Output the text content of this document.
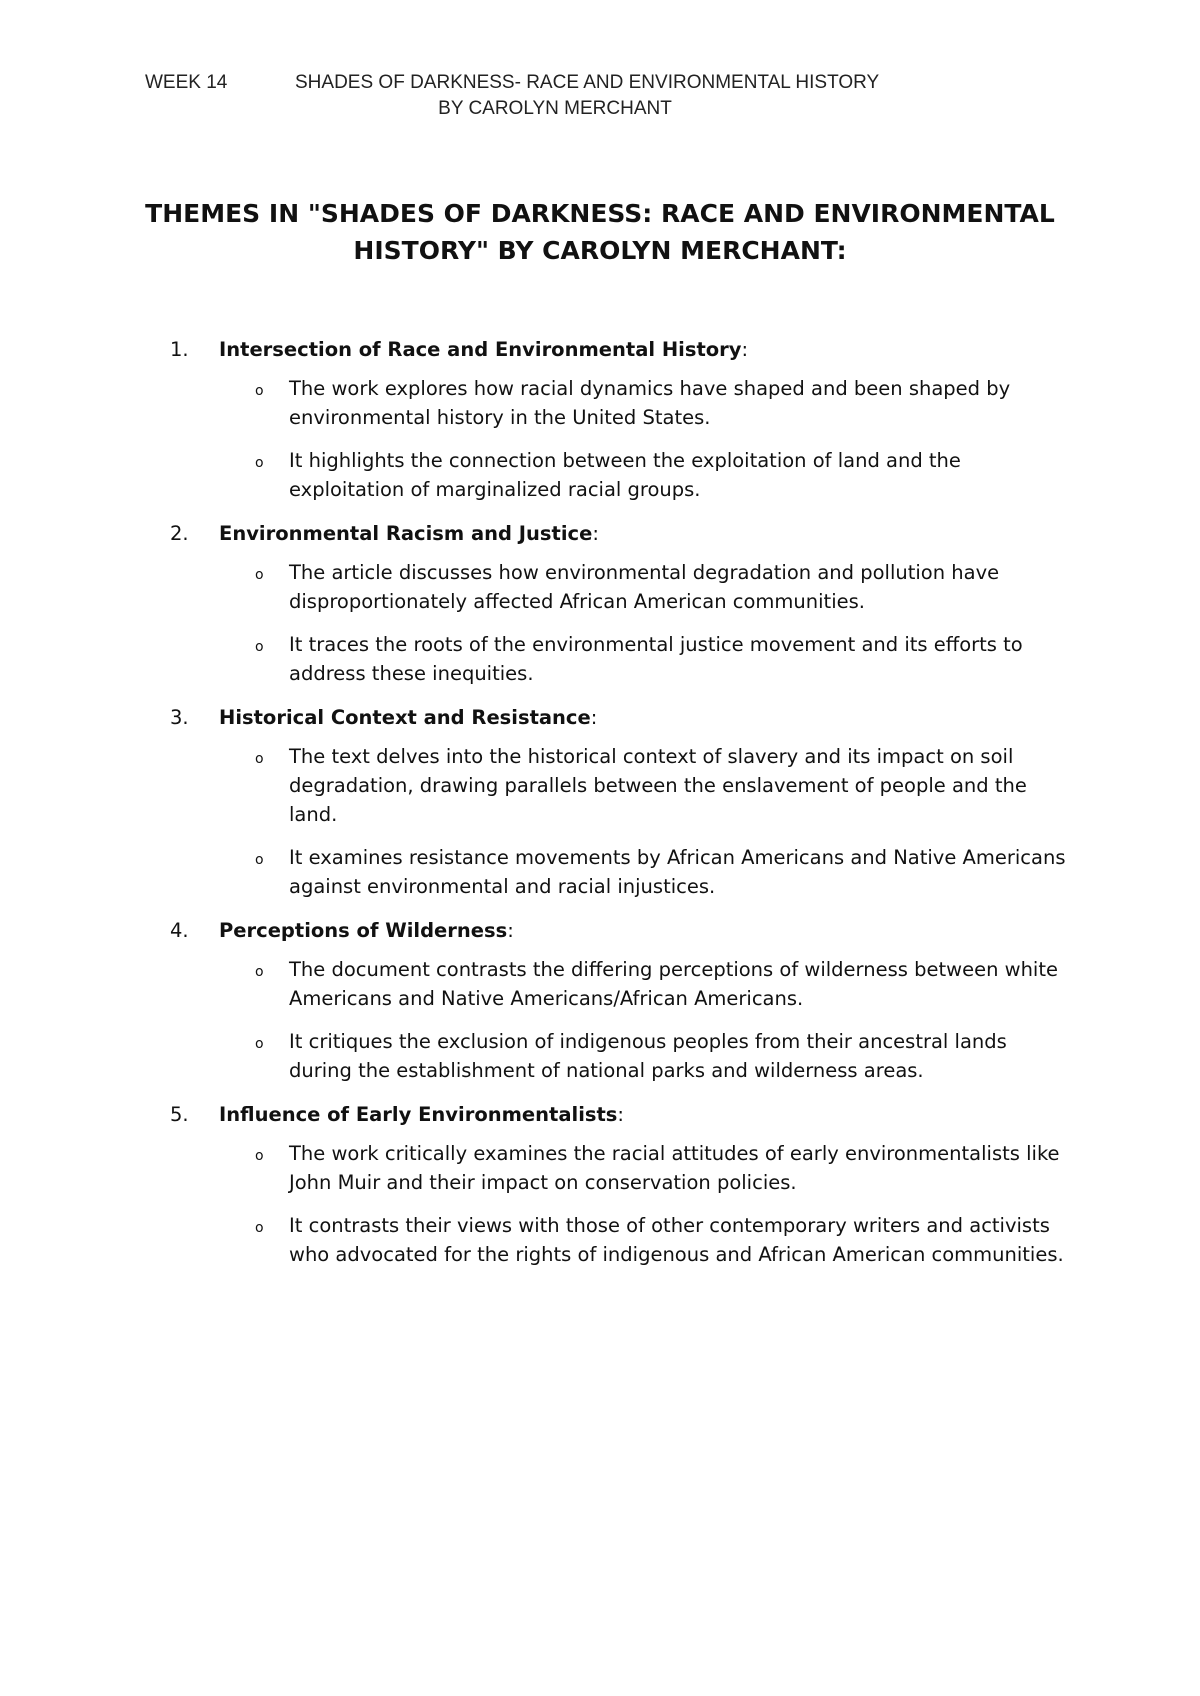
WEEK 14	SHADES OF DARKNESS- RACE AND ENVIRONMENTAL HISTORY
BY CAROLYN MERCHANT
THEMES IN "SHADES OF DARKNESS: RACE AND ENVIRONMENTAL HISTORY" BY CAROLYN MERCHANT:
1.	Intersection of Race and Environmental History:
o	The work explores how racial dynamics have shaped and been shaped by environmental history in the United States.
o	It highlights the connection between the exploitation of land and the exploitation of marginalized racial groups.
2.	Environmental Racism and Justice:
o	The article discusses how environmental degradation and pollution have disproportionately affected African American communities.
o	It traces the roots of the environmental justice movement and its efforts to address these inequities.
3.	Historical Context and Resistance:
o	The text delves into the historical context of slavery and its impact on soil degradation, drawing parallels between the enslavement of people and the land.
o	It examines resistance movements by African Americans and Native Americans against environmental and racial injustices.
4.	Perceptions of Wilderness:
o	The document contrasts the differing perceptions of wilderness between white Americans and Native Americans/African Americans.
o	It critiques the exclusion of indigenous peoples from their ancestral lands during the establishment of national parks and wilderness areas.
5.	Influence of Early Environmentalists:
o	The work critically examines the racial attitudes of early environmentalists like John Muir and their impact on conservation policies.
o	It contrasts their views with those of other contemporary writers and activists who advocated for the rights of indigenous and African American communities.
